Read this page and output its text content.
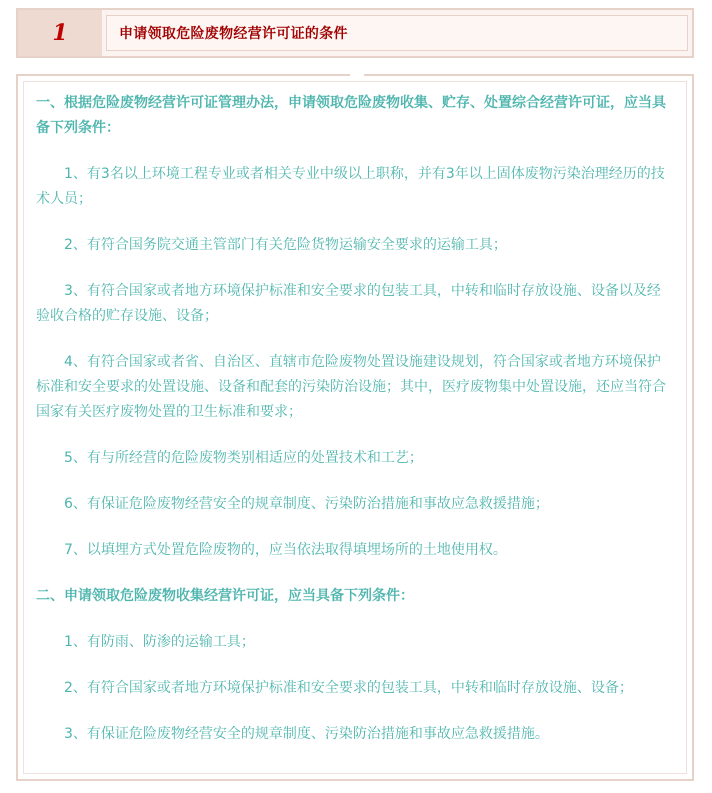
1	申请领取危险废物经营许可证的条件

一、根据危险废物经营许可证管理办法，申请领取危险废物收集、贮存、处置综合经营许可证，应当具备下列条件：

1、有3名以上环境工程专业或者相关专业中级以上职称，并有3年以上固体废物污染治理经历的技术人员；

2、有符合国务院交通主管部门有关危险货物运输安全要求的运输工具；

3、有符合国家或者地方环境保护标准和安全要求的包装工具，中转和临时存放设施、设备以及经验收合格的贮存设施、设备；

4、有符合国家或者省、自治区、直辖市危险废物处置设施建设规划，符合国家或者地方环境保护标准和安全要求的处置设施、设备和配套的污染防治设施；其中，医疗废物集中处置设施，还应当符合国家有关医疗废物处置的卫生标准和要求；

5、有与所经营的危险废物类别相适应的处置技术和工艺；

6、有保证危险废物经营安全的规章制度、污染防治措施和事故应急救援措施；

7、以填埋方式处置危险废物的，应当依法取得填埋场所的土地使用权。

二、申请领取危险废物收集经营许可证，应当具备下列条件：

1、有防雨、防渗的运输工具；

2、有符合国家或者地方环境保护标准和安全要求的包装工具，中转和临时存放设施、设备；

3、有保证危险废物经营安全的规章制度、污染防治措施和事故应急救援措施。
